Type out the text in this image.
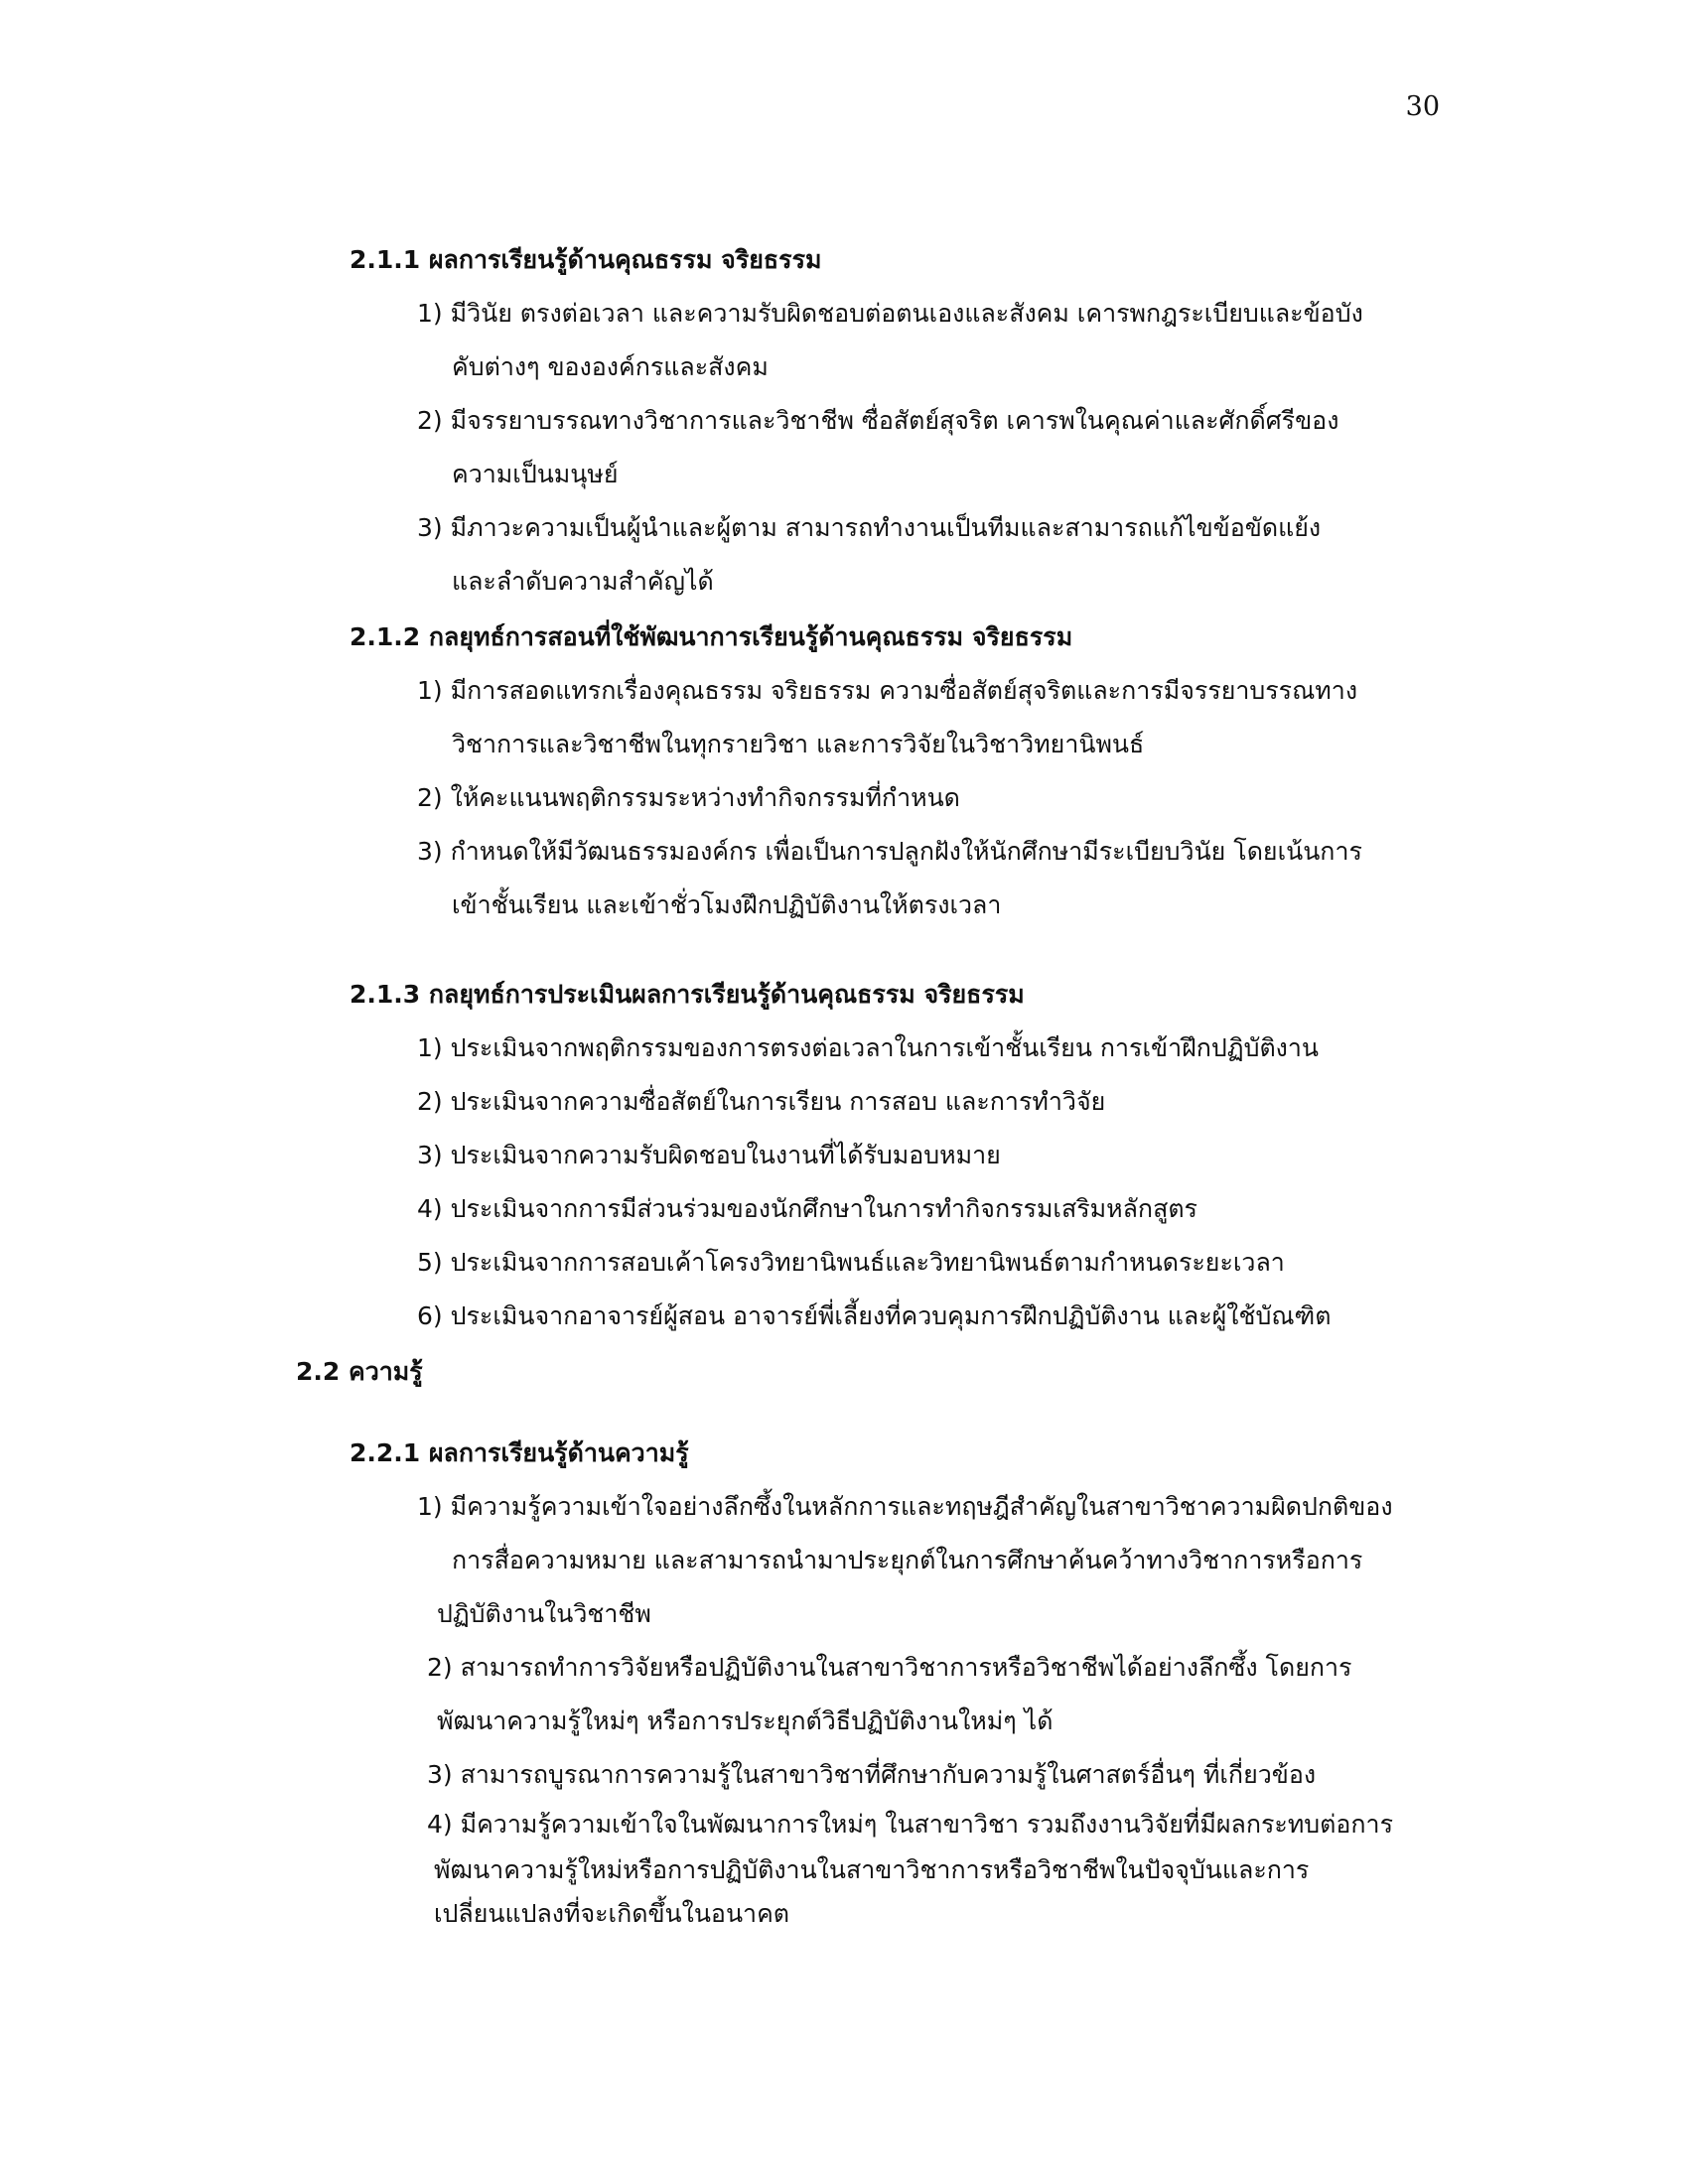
30
2.1.1 ผลการเรียนรู้ด้านคุณธรรม จริยธรรม
1) มีวินัย ตรงต่อเวลา และความรับผิดชอบต่อตนเองและสังคม เคารพกฎระเบียบและข้อบัง
คับต่างๆ ขององค์กรและสังคม
2) มีจรรยาบรรณทางวิชาการและวิชาชีพ ซื่อสัตย์สุจริต เคารพในคุณค่าและศักดิ์ศรีของ
ความเป็นมนุษย์
3) มีภาวะความเป็นผู้นำและผู้ตาม สามารถทำงานเป็นทีมและสามารถแก้ไขข้อขัดแย้ง
และลำดับความสำคัญได้
2.1.2 กลยุทธ์การสอนที่ใช้พัฒนาการเรียนรู้ด้านคุณธรรม จริยธรรม
1) มีการสอดแทรกเรื่องคุณธรรม จริยธรรม ความซื่อสัตย์สุจริตและการมีจรรยาบรรณทาง
วิชาการและวิชาชีพในทุกรายวิชา และการวิจัยในวิชาวิทยานิพนธ์
2) ให้คะแนนพฤติกรรมระหว่างทำกิจกรรมที่กำหนด
3) กำหนดให้มีวัฒนธรรมองค์กร เพื่อเป็นการปลูกฝังให้นักศึกษามีระเบียบวินัย โดยเน้นการ
เข้าชั้นเรียน และเข้าชั่วโมงฝึกปฏิบัติงานให้ตรงเวลา
2.1.3 กลยุทธ์การประเมินผลการเรียนรู้ด้านคุณธรรม จริยธรรม
1) ประเมินจากพฤติกรรมของการตรงต่อเวลาในการเข้าชั้นเรียน การเข้าฝึกปฏิบัติงาน
2) ประเมินจากความซื่อสัตย์ในการเรียน การสอบ และการทำวิจัย
3) ประเมินจากความรับผิดชอบในงานที่ได้รับมอบหมาย
4) ประเมินจากการมีส่วนร่วมของนักศึกษาในการทำกิจกรรมเสริมหลักสูตร
5) ประเมินจากการสอบเค้าโครงวิทยานิพนธ์และวิทยานิพนธ์ตามกำหนดระยะเวลา
6) ประเมินจากอาจารย์ผู้สอน อาจารย์พี่เลี้ยงที่ควบคุมการฝึกปฏิบัติงาน และผู้ใช้บัณฑิต
2.2 ความรู้
2.2.1 ผลการเรียนรู้ด้านความรู้
1) มีความรู้ความเข้าใจอย่างลึกซึ้งในหลักการและทฤษฎีสำคัญในสาขาวิชาความผิดปกติของ
การสื่อความหมาย และสามารถนำมาประยุกต์ในการศึกษาค้นคว้าทางวิชาการหรือการ
ปฏิบัติงานในวิชาชีพ
2) สามารถทำการวิจัยหรือปฏิบัติงานในสาขาวิชาการหรือวิชาชีพได้อย่างลึกซึ้ง โดยการ
พัฒนาความรู้ใหม่ๆ หรือการประยุกต์วิธีปฏิบัติงานใหม่ๆ ได้
3) สามารถบูรณาการความรู้ในสาขาวิชาที่ศึกษากับความรู้ในศาสตร์อื่นๆ ที่เกี่ยวข้อง
4) มีความรู้ความเข้าใจในพัฒนาการใหม่ๆ ในสาขาวิชา รวมถึงงานวิจัยที่มีผลกระทบต่อการ
พัฒนาความรู้ใหม่หรือการปฏิบัติงานในสาขาวิชาการหรือวิชาชีพในปัจจุบันและการ
เปลี่ยนแปลงที่จะเกิดขึ้นในอนาคต
